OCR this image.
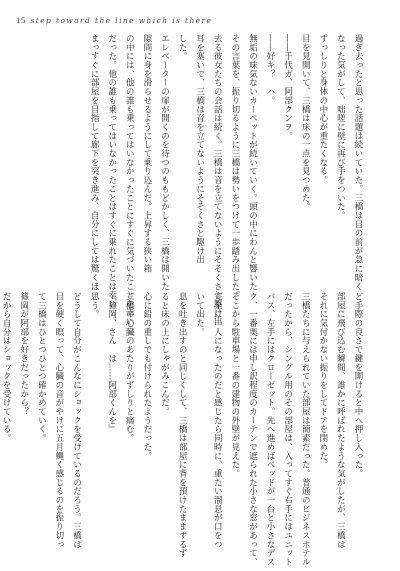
15 step toward the line which is there

過ぎ去ったと思った話題は続いていた。三橋は目の前が急に暗く

なった気がして、咄嗟に壁に再び手をついた。

ずっしりと身体の中心が重たくなる。

目を見開いて、三橋は床の一点を見つめた。

――千代ガ、阿部クンヲ。

――好キ？　ハ。

無垢の味気ないカーペットが続いていく。頭の中にわんと響いた

その言葉を、振り切るように三橋は勢いをつけて一歩踏み出した。

去る彼女たちの会話は続く。三橋は音を立てないようにそそくさと駆け出

耳を塞いで、三橋は音を立てないようにそそくさと駆け出

した。

エレベーターの扉が開くのを待つのももどかしく、三橋は開いた

隙間に身を滑らせるようにして乗り込んだ。上昇する狭い箱

の中には、他の誰も乗ってはいなかったことにすぐに気づいたことを幸い

だった。他の誰も乗ってはいなかったことはすぐに乗れたことは幸い

まっすぐに部屋を目指して廊下を突き進み、自分にしては驚くほ

ど手際の良さで鍵を開けると中へ押し入った。

部屋に飛び込む瞬間、誰かに呼ばれたような気がしたが、三橋は

それに気付かない振りをしてドアを閉めた。

三橋たちに与えられていた部屋は簡素だった。普通のビジネスホテル

だったから、シングル用のその部屋は、入ってすぐ右手にはユニット

バス、左手にはクローゼット。先へ進めばベッドが一台と小さなデス

ク、一番奥には申し訳程度のカーテンで遮られた小さな窓があって、

そこから駐車場と一番の建物の外壁が見えた。

完全に一人になったのだと感じたら同時に、重たい溜息が口をつ

いて出た。

息を吐き出すのと同じくして、三橋は部屋に背を預けたままずるず

ると床の上にしゃがみこんだ。

心に鉛の重しでも付けられたようだった。

三橋の心臓のあたりがずしりと痛む。

『篠岡、さん　は……阿部くんを』

思う。

どうして自分がこんなにショックを受けているのだろう。三橋は

目を硬く瞑って、心臓の音がやけに五月蝿く感じるのを振り切っ

て三橋はひとつひとつ確かめていく。

篠岡が阿部を好きだったから？

だから自分はショックを受けている。
